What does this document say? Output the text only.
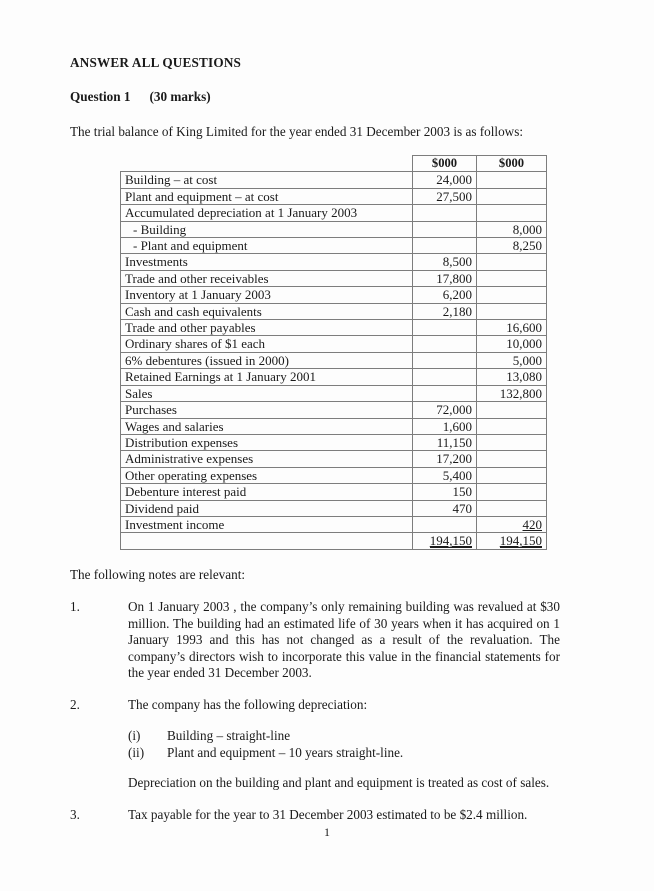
ANSWER ALL QUESTIONS
Question 1 (30 marks)
The trial balance of King Limited for the year ended 31 December 2003 is as follows:
	$000	$000
Building – at cost	24,000	
Plant and equipment – at cost	27,500	
Accumulated depreciation at 1 January 2003		
- Building		8,000
- Plant and equipment		8,250
Investments	8,500	
Trade and other receivables	17,800	
Inventory at 1 January 2003	6,200	
Cash and cash equivalents	2,180	
Trade and other payables		16,600
Ordinary shares of $1 each		10,000
6% debentures (issued in 2000)		5,000
Retained Earnings at 1 January 2001		13,080
Sales		132,800
Purchases	72,000	
Wages and salaries	1,600	
Distribution expenses	11,150	
Administrative expenses	17,200	
Other operating expenses	5,400	
Debenture interest paid	150	
Dividend paid	470	
Investment income		420
	194,150	194,150
The following notes are relevant:
1.	On 1 January 2003 , the company’s only remaining building was revalued at $30 million. The building had an estimated life of 30 years when it has acquired on 1 January 1993 and this has not changed as a result of the revaluation. The company’s directors wish to incorporate this value in the financial statements for the year ended 31 December 2003.

2.	The company has the following depreciation:

(i)	Building – straight-line
(ii)	Plant and equipment – 10 years straight-line.

Depreciation on the building and plant and equipment is treated as cost of sales.

3.	Tax payable for the year to 31 December 2003 estimated to be $2.4 million.

1
